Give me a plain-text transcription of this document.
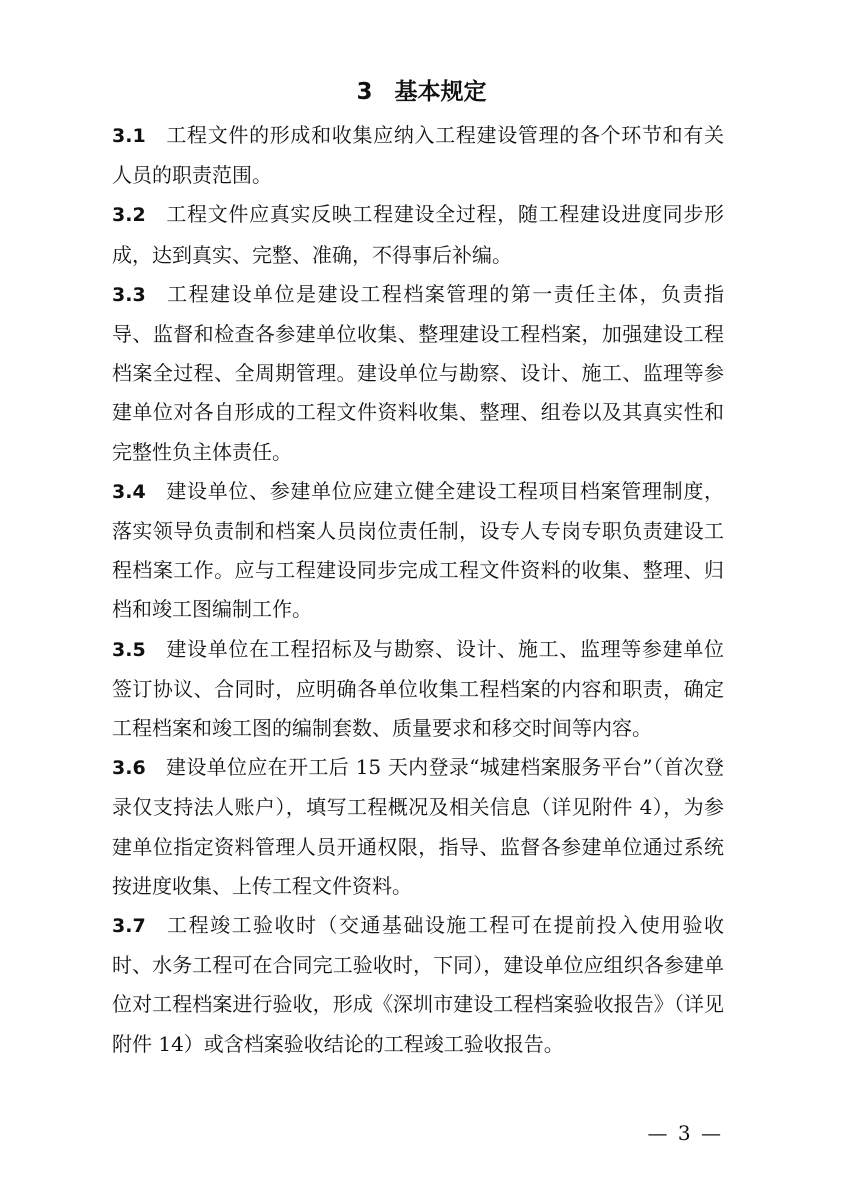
3 基本规定

3.1 工程文件的形成和收集应纳入工程建设管理的各个环节和有关人员的职责范围。

3.2 工程文件应真实反映工程建设全过程，随工程建设进度同步形成，达到真实、完整、准确，不得事后补编。

3.3 工程建设单位是建设工程档案管理的第一责任主体，负责指导、监督和检查各参建单位收集、整理建设工程档案，加强建设工程档案全过程、全周期管理。建设单位与勘察、设计、施工、监理等参建单位对各自形成的工程文件资料收集、整理、组卷以及其真实性和完整性负主体责任。

3.4 建设单位、参建单位应建立健全建设工程项目档案管理制度，落实领导负责制和档案人员岗位责任制，设专人专岗专职负责建设工程档案工作。应与工程建设同步完成工程文件资料的收集、整理、归档和竣工图编制工作。

3.5 建设单位在工程招标及与勘察、设计、施工、监理等参建单位签订协议、合同时，应明确各单位收集工程档案的内容和职责，确定工程档案和竣工图的编制套数、质量要求和移交时间等内容。

3.6 建设单位应在开工后 15 天内登录“城建档案服务平台”（首次登录仅支持法人账户），填写工程概况及相关信息（详见附件 4），为参建单位指定资料管理人员开通权限，指导、监督各参建单位通过系统按进度收集、上传工程文件资料。

3.7 工程竣工验收时（交通基础设施工程可在提前投入使用验收时、水务工程可在合同完工验收时，下同），建设单位应组织各参建单位对工程档案进行验收，形成《深圳市建设工程档案验收报告》（详见附件 14）或含档案验收结论的工程竣工验收报告。

— 3 —
